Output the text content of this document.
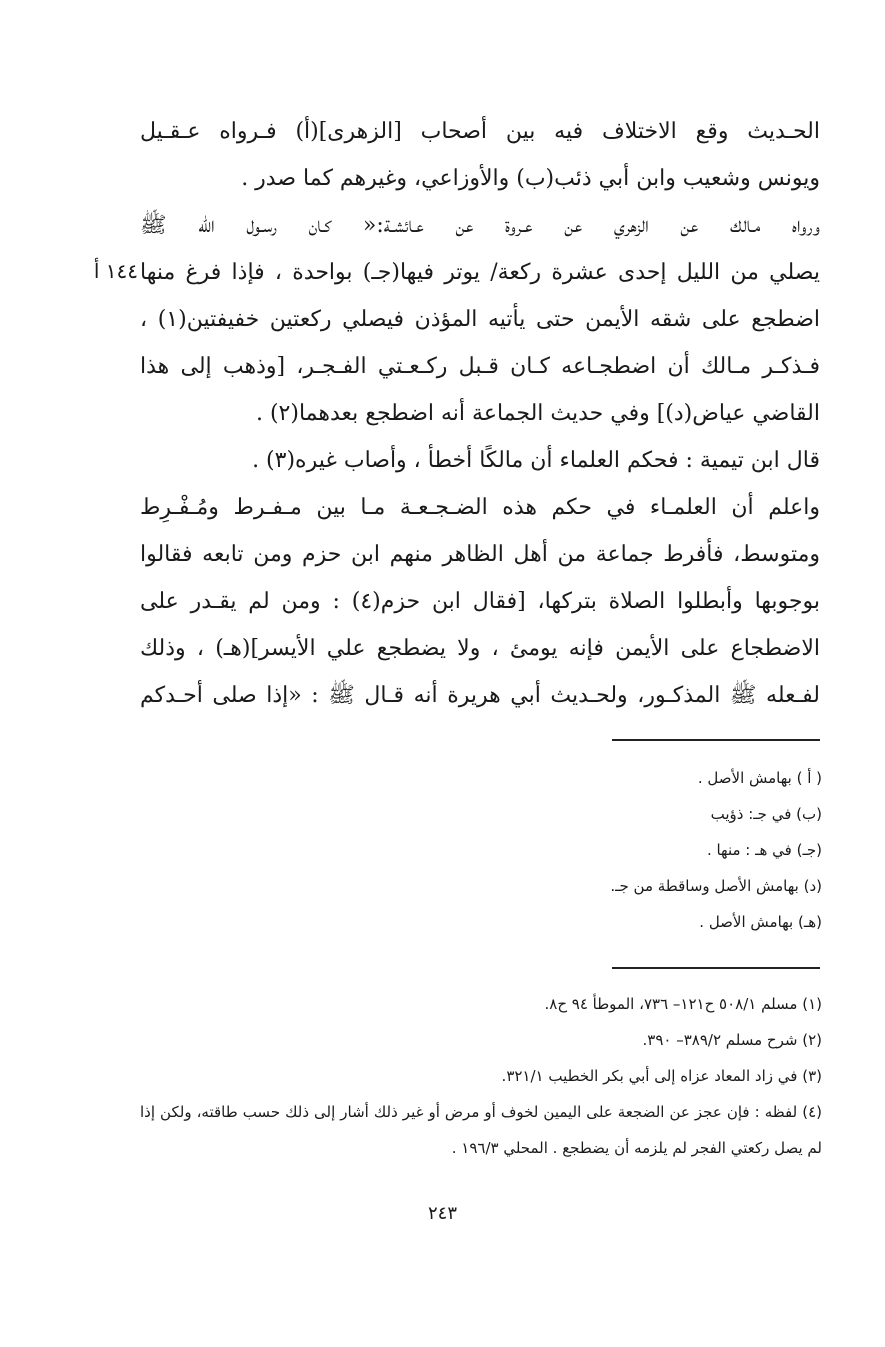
الحـديث وقع الاختلاف فيه بين أصحاب [الزهرى](أ) فـرواه عـقـيل
ويونس وشعيب وابن أبي ذئب(ب) والأوزاعي، وغيرهم كما صدر .
ورواه مـالك عن الزهري عن عـروة عن عـائشـة:« كـان رسـول الله ﷺ
يصلي من الليل إحدى عشرة ركعة/ يوتر فيها(جـ) بواحدة ، فإذا فرغ منها
اضطجع على شقه الأيمن حتى يأتيه المؤذن فيصلي ركعتين خفيفتين(١) ،
فـذكـر مـالك أن اضطجـاعه كـان قـبل ركـعـتي الفـجـر، [وذهب إلى هذا
القاضي عياض(د)] وفي حديث الجماعة أنه اضطجع بعدهما(٢) .
قال ابن تيمية : فحكم العلماء أن مالكًا أخطأ ، وأصاب غيره(٣) .
واعلم أن العلمـاء في حكم هذه الضـجـعـة مـا بين مـفـرط ومُـفْـرِط
ومتوسط، فأفرط جماعة من أهل الظاهر منهم ابن حزم ومن تابعه فقالوا
بوجوبها وأبطلوا الصلاة بتركها، [فقال ابن حزم(٤) : ومن لم يقـدر على
الاضطجاع على الأيمن فإنه يومئ ، ولا يضطجع علي الأيسر](هـ) ، وذلك
لفـعله ﷺ المذكـور، ولحـديث أبي هريرة أنه قـال ﷺ : «إذا صلى أحـدكم
١٤٤ أ
( أ ) بهامش الأصل .
(ب) في جـ: ذؤيب
(جـ) في هـ : منها .
(د) بهامش الأصل وساقطة من جـ.
(هـ) بهامش الأصل .
(١) مسلم ٥٠٨/١ ح١٢١– ٧٣٦، الموطأ ٩٤ ح٨.
(٢) شرح مسلم ٣٨٩/٢– ٣٩٠.
(٣) في زاد المعاد عزاه إلى أبي بكر الخطيب ٣٢١/١.
(٤) لفظه : فإن عجز عن الضجعة على اليمين لخوف أو مرض أو غير ذلك أشار إلى ذلك حسب طاقته، ولكن إذا لم يصل ركعتي الفجر لم يلزمه أن يضطجع . المحلي ١٩٦/٣ .
٢٤٣
